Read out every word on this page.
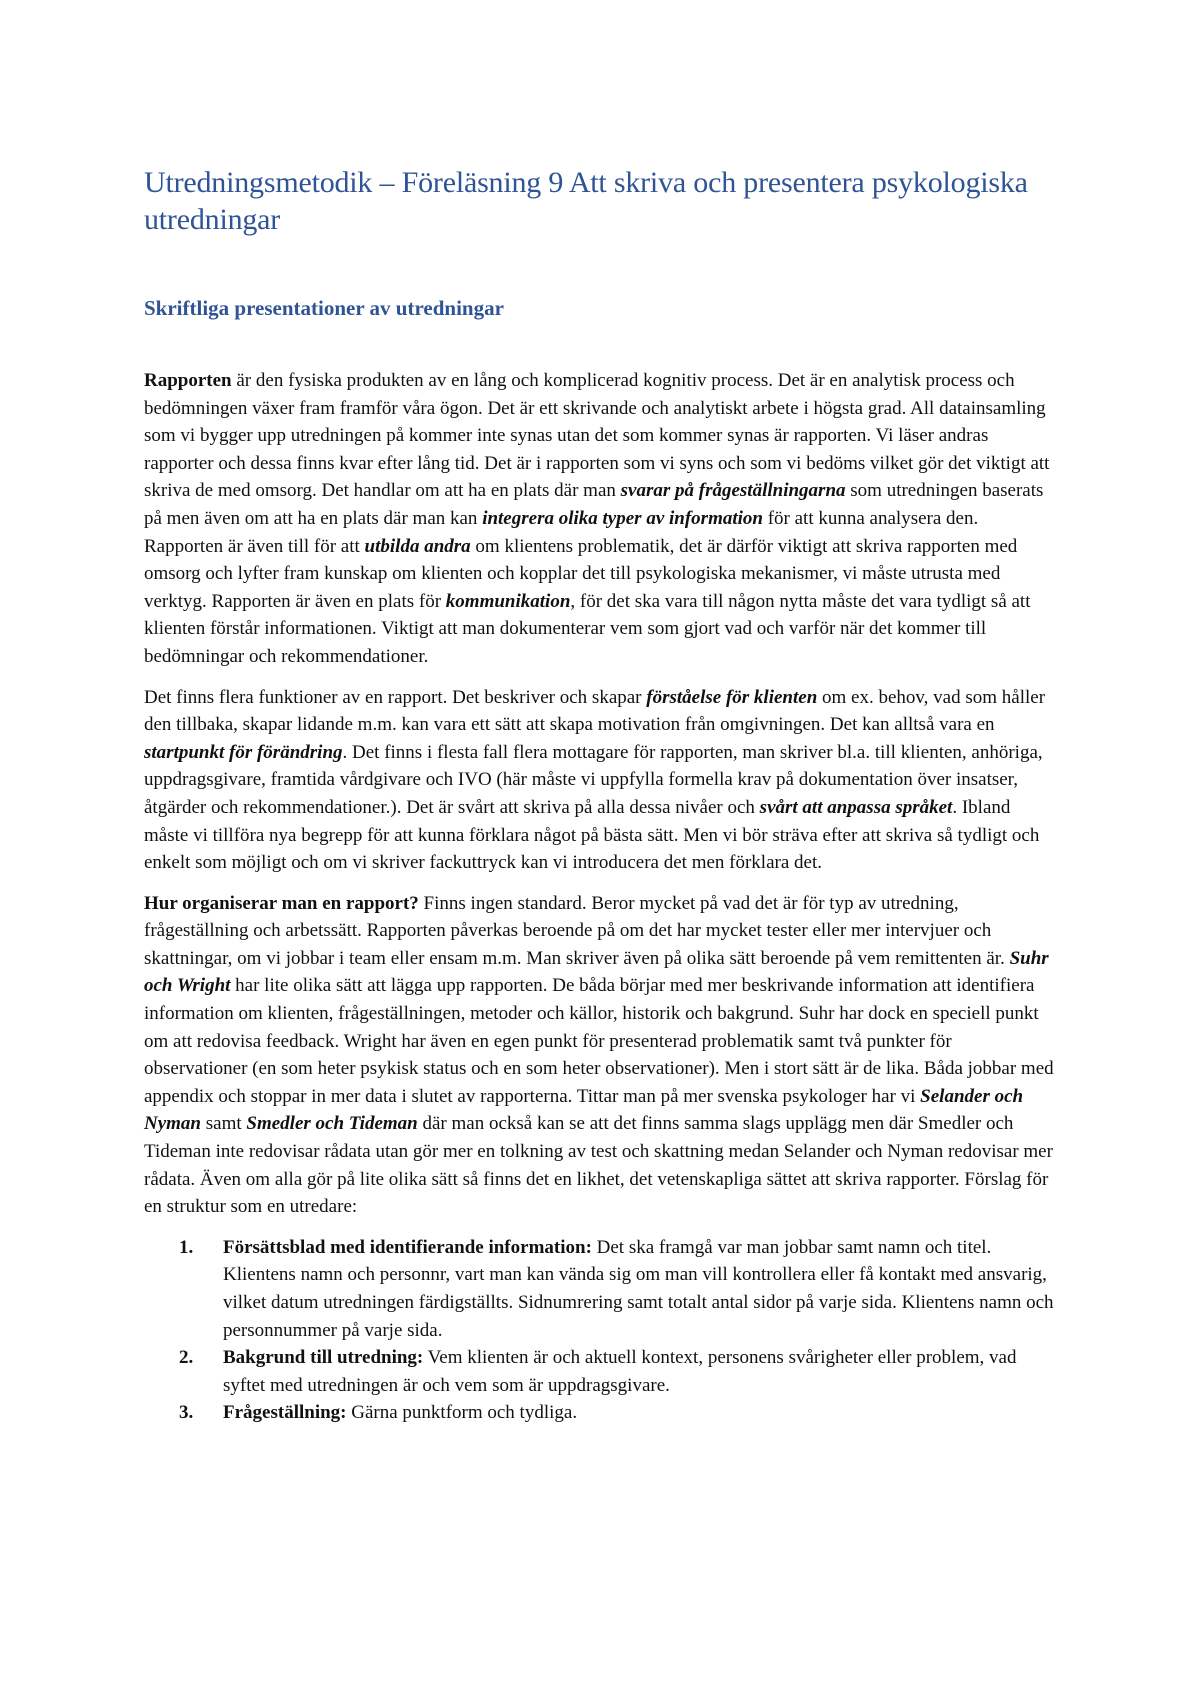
Utredningsmetodik – Föreläsning 9 Att skriva och presentera psykologiska utredningar
Skriftliga presentationer av utredningar

Rapporten är den fysiska produkten av en lång och komplicerad kognitiv process. Det är en analytisk process och bedömningen växer fram framför våra ögon. Det är ett skrivande och analytiskt arbete i högsta grad. All datainsamling som vi bygger upp utredningen på kommer inte synas utan det som kommer synas är rapporten. Vi läser andras rapporter och dessa finns kvar efter lång tid. Det är i rapporten som vi syns och som vi bedöms vilket gör det viktigt att skriva de med omsorg. Det handlar om att ha en plats där man svarar på frågeställningarna som utredningen baserats på men även om att ha en plats där man kan integrera olika typer av information för att kunna analysera den. Rapporten är även till för att utbilda andra om klientens problematik, det är därför viktigt att skriva rapporten med omsorg och lyfter fram kunskap om klienten och kopplar det till psykologiska mekanismer, vi måste utrusta med verktyg. Rapporten är även en plats för kommunikation, för det ska vara till någon nytta måste det vara tydligt så att klienten förstår informationen. Viktigt att man dokumenterar vem som gjort vad och varför när det kommer till bedömningar och rekommendationer.

Det finns flera funktioner av en rapport. Det beskriver och skapar förståelse för klienten om ex. behov, vad som håller den tillbaka, skapar lidande m.m. kan vara ett sätt att skapa motivation från omgivningen. Det kan alltså vara en startpunkt för förändring. Det finns i flesta fall flera mottagare för rapporten, man skriver bl.a. till klienten, anhöriga, uppdragsgivare, framtida vårdgivare och IVO (här måste vi uppfylla formella krav på dokumentation över insatser, åtgärder och rekommendationer.). Det är svårt att skriva på alla dessa nivåer och svårt att anpassa språket. Ibland måste vi tillföra nya begrepp för att kunna förklara något på bästa sätt. Men vi bör sträva efter att skriva så tydligt och enkelt som möjligt och om vi skriver fackuttryck kan vi introducera det men förklara det.

Hur organiserar man en rapport? Finns ingen standard. Beror mycket på vad det är för typ av utredning, frågeställning och arbetssätt. Rapporten påverkas beroende på om det har mycket tester eller mer intervjuer och skattningar, om vi jobbar i team eller ensam m.m. Man skriver även på olika sätt beroende på vem remittenten är. Suhr och Wright har lite olika sätt att lägga upp rapporten. De båda börjar med mer beskrivande information att identifiera information om klienten, frågeställningen, metoder och källor, historik och bakgrund. Suhr har dock en speciell punkt om att redovisa feedback. Wright har även en egen punkt för presenterad problematik samt två punkter för observationer (en som heter psykisk status och en som heter observationer). Men i stort sätt är de lika. Båda jobbar med appendix och stoppar in mer data i slutet av rapporterna. Tittar man på mer svenska psykologer har vi Selander och Nyman samt Smedler och Tideman där man också kan se att det finns samma slags upplägg men där Smedler och Tideman inte redovisar rådata utan gör mer en tolkning av test och skattning medan Selander och Nyman redovisar mer rådata. Även om alla gör på lite olika sätt så finns det en likhet, det vetenskapliga sättet att skriva rapporter. Förslag för en struktur som en utredare:

1. Försättsblad med identifierande information: Det ska framgå var man jobbar samt namn och titel. Klientens namn och personnr, vart man kan vända sig om man vill kontrollera eller få kontakt med ansvarig, vilket datum utredningen färdigställts. Sidnumrering samt totalt antal sidor på varje sida. Klientens namn och personnummer på varje sida.
2. Bakgrund till utredning: Vem klienten är och aktuell kontext, personens svårigheter eller problem, vad syftet med utredningen är och vem som är uppdragsgivare.
3. Frågeställning: Gärna punktform och tydliga.
